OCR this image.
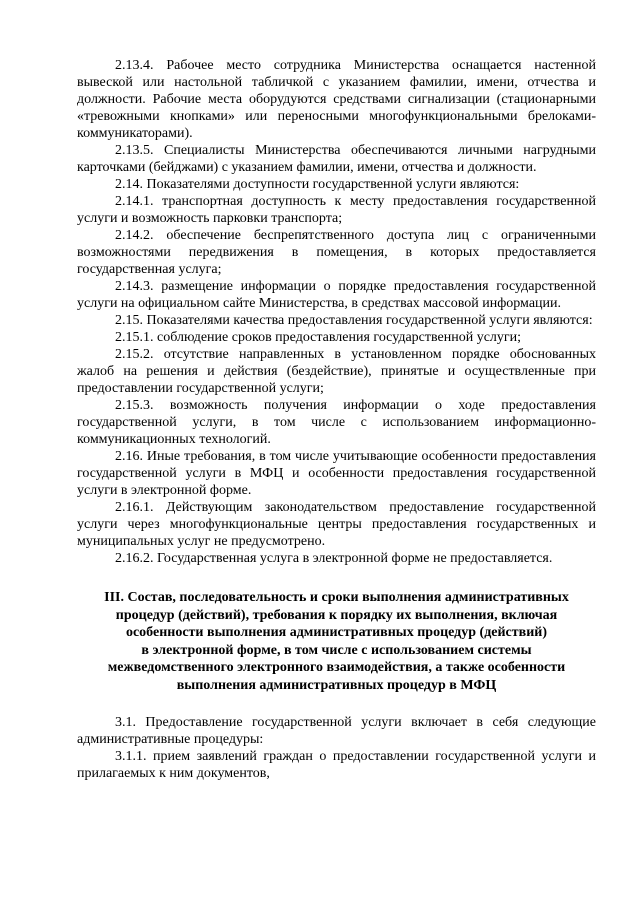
2.13.4. Рабочее место сотрудника Министерства оснащается настенной вывеской или настольной табличкой с указанием фамилии, имени, отчества и должности. Рабочие места оборудуются средствами сигнализации (стационарными «тревожными кнопками» или переносными многофункциональными брелоками-коммуникаторами).

2.13.5. Специалисты Министерства обеспечиваются личными нагрудными карточками (бейджами) с указанием фамилии, имени, отчества и должности.

2.14. Показателями доступности государственной услуги являются:

2.14.1. транспортная доступность к месту предоставления государственной услуги и возможность парковки транспорта;

2.14.2. обеспечение беспрепятственного доступа лиц с ограниченными возможностями передвижения в помещения, в которых предоставляется государственная услуга;

2.14.3. размещение информации о порядке предоставления государственной услуги на официальном сайте Министерства, в средствах массовой информации.

2.15. Показателями качества предоставления государственной услуги являются:

2.15.1. соблюдение сроков предоставления государственной услуги;

2.15.2. отсутствие направленных в установленном порядке обоснованных жалоб на решения и действия (бездействие), принятые и осуществленные при предоставлении государственной услуги;

2.15.3. возможность получения информации о ходе предоставления государственной услуги, в том числе с использованием информационно-коммуникационных технологий.

2.16. Иные требования, в том числе учитывающие особенности предоставления государственной услуги в МФЦ и особенности предоставления государственной услуги в электронной форме.

2.16.1. Действующим законодательством предоставление государственной услуги через многофункциональные центры предоставления государственных и муниципальных услуг не предусмотрено.

2.16.2. Государственная услуга в электронной форме не предоставляется.

III. Состав, последовательность и сроки выполнения административных
процедур (действий), требования к порядку их выполнения, включая
особенности выполнения административных процедур (действий)
в электронной форме, в том числе с использованием системы
межведомственного электронного взаимодействия, а также особенности
выполнения административных процедур в МФЦ

3.1. Предоставление государственной услуги включает в себя следующие административные процедуры:

3.1.1. прием заявлений граждан о предоставлении государственной услуги и прилагаемых к ним документов,
